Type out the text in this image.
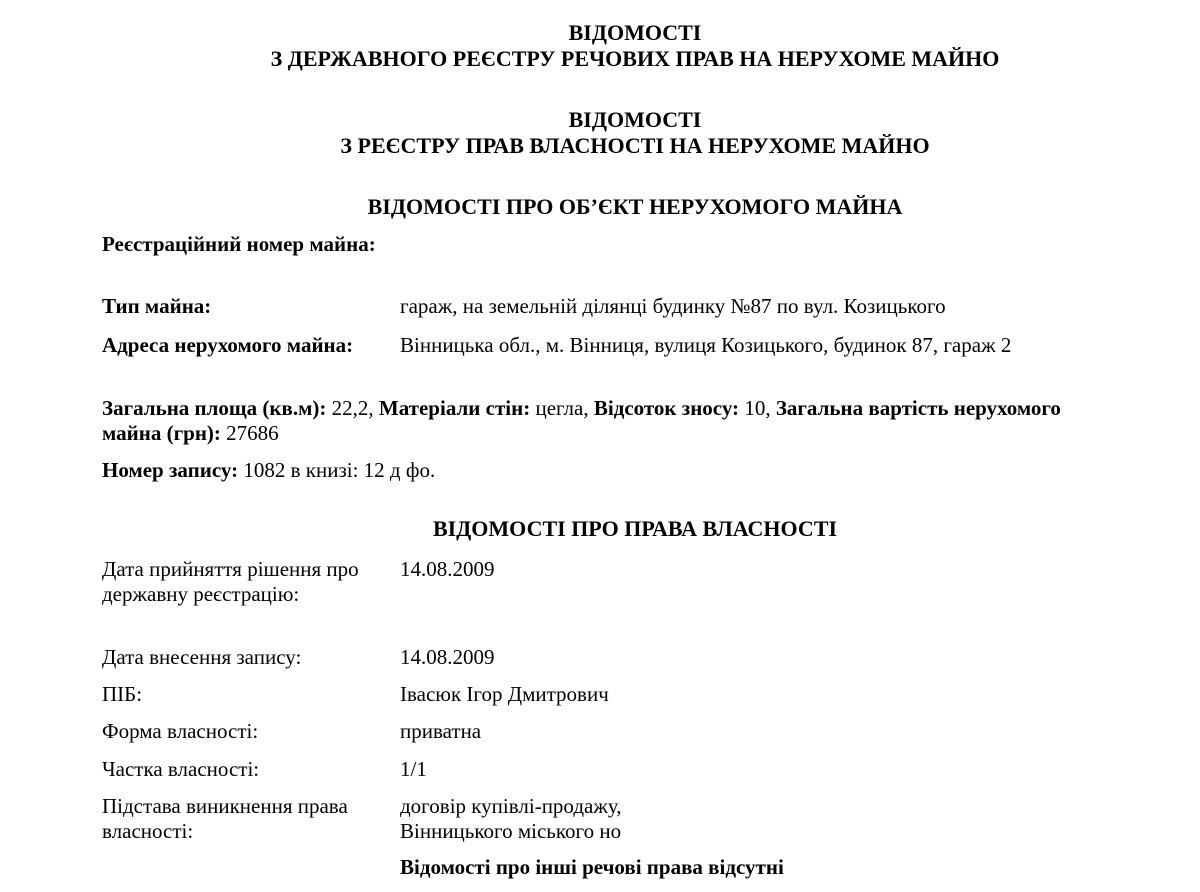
ВІДОМОСТІ
З ДЕРЖАВНОГО РЕЄСТРУ РЕЧОВИХ ПРАВ НА НЕРУХОМЕ МАЙНО

ВІДОМОСТІ
З РЕЄСТРУ ПРАВ ВЛАСНОСТІ НА НЕРУХОМЕ МАЙНО

ВІДОМОСТІ ПРО ОБ’ЄКТ НЕРУХОМОГО МАЙНА

Реєстраційний номер майна:

Тип майна:	гараж, на земельній ділянці будинку №87 по вул. Козицького

Адреса нерухомого майна:	Вінницька обл., м. Вінниця, вулиця Козицького, будинок 87, гараж 2

Загальна площа (кв.м): 22,2, Матеріали стін: цегла, Відсоток зносу: 10, Загальна вартість нерухомого майна (грн): 27686

Номер запису: 1082 в книзі: 12 д фо.

ВІДОМОСТІ ПРО ПРАВА ВЛАСНОСТІ

Дата прийняття рішення про державну реєстрацію:

14.08.2009

Дата внесення запису:	14.08.2009

ПІБ:	Івасюк Ігор Дмитрович

Форма власності:	приватна

Частка власності:	1/1

Підстава виникнення права власності:

договір купівлі-продажу,
Вінницького міського но

Відомості про інші речові права відсутні
